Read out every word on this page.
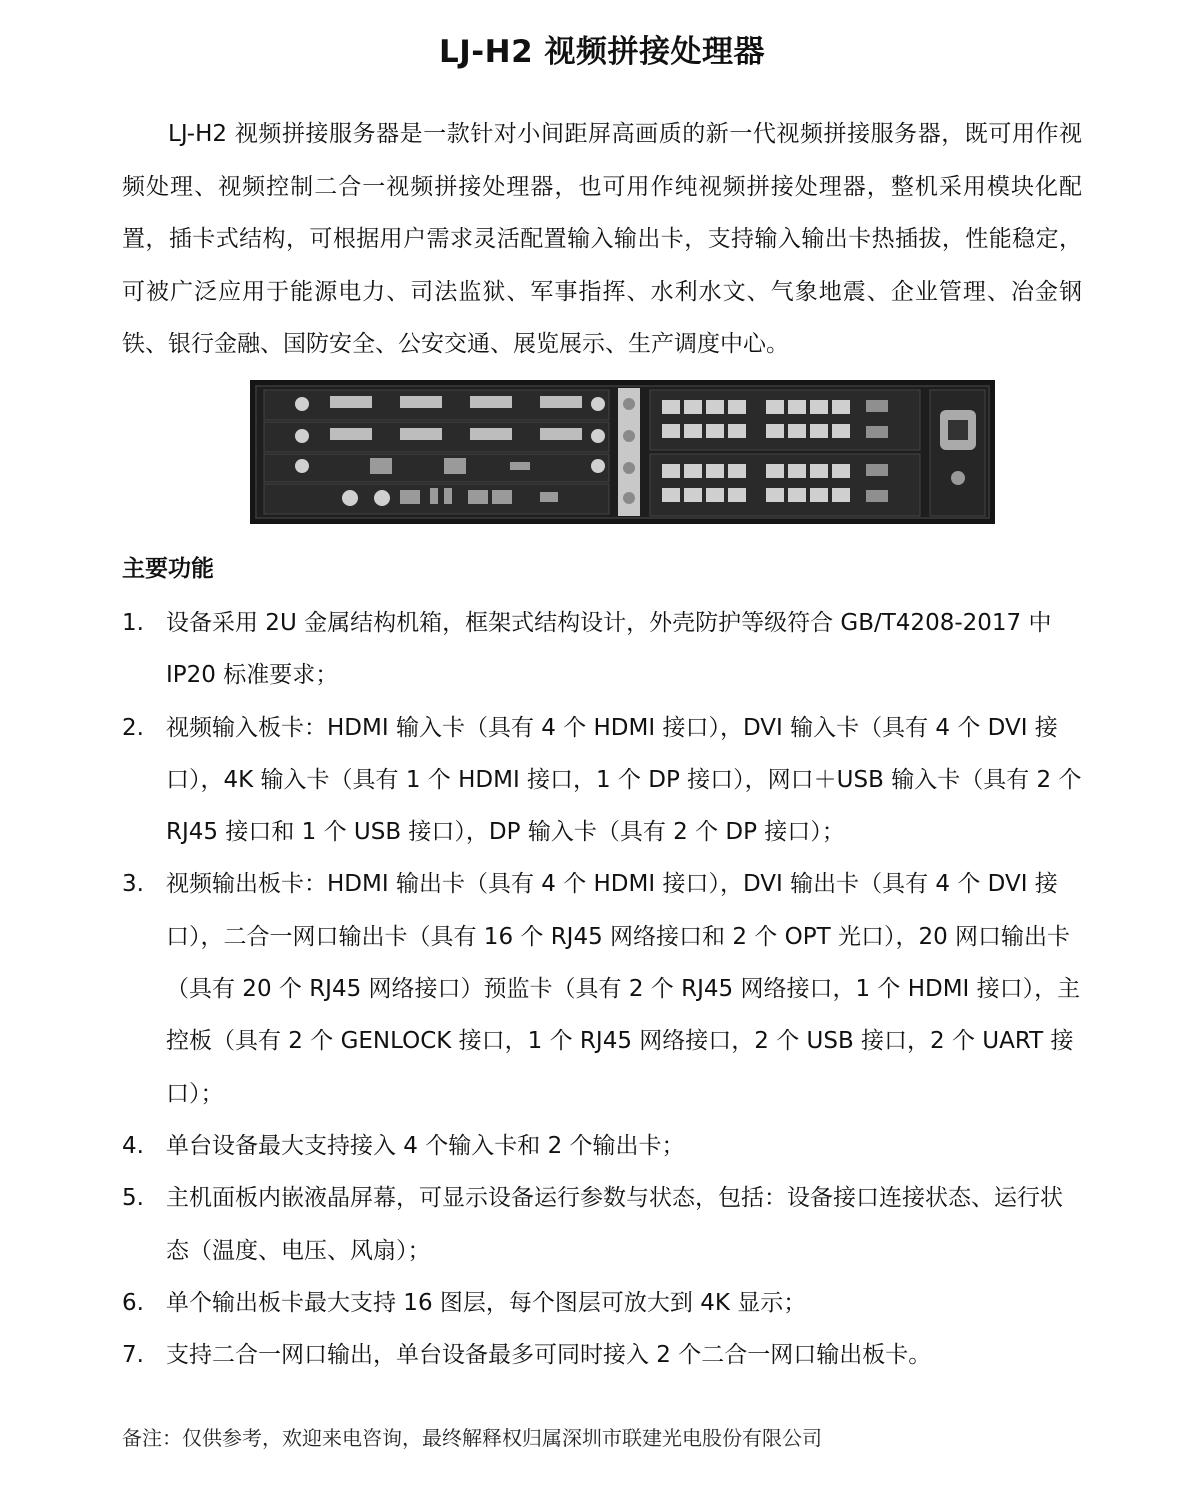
LJ-H2 视频拼接处理器

LJ-H2 视频拼接服务器是一款针对小间距屏高画质的新一代视频拼接服务器，既可用作视频处理、视频控制二合一视频拼接处理器，也可用作纯视频拼接处理器，整机采用模块化配置，插卡式结构，可根据用户需求灵活配置输入输出卡，支持输入输出卡热插拔，性能稳定，可被广泛应用于能源电力、司法监狱、军事指挥、水利水文、气象地震、企业管理、冶金钢铁、银行金融、国防安全、公安交通、展览展示、生产调度中心。

主要功能
1. 设备采用 2U 金属结构机箱，框架式结构设计，外壳防护等级符合 GB/T4208-2017 中 IP20 标准要求；
2. 视频输入板卡：HDMI 输入卡（具有 4 个 HDMI 接口），DVI 输入卡（具有 4 个 DVI 接口），4K 输入卡（具有 1 个 HDMI 接口，1 个 DP 接口），网口＋USB 输入卡（具有 2 个 RJ45 接口和 1 个 USB 接口），DP 输入卡（具有 2 个 DP 接口）；
3. 视频输出板卡：HDMI 输出卡（具有 4 个 HDMI 接口），DVI 输出卡（具有 4 个 DVI 接口），二合一网口输出卡（具有 16 个 RJ45 网络接口和 2 个 OPT 光口），20 网口输出卡（具有 20 个 RJ45 网络接口）预监卡（具有 2 个 RJ45 网络接口，1 个 HDMI 接口），主控板（具有 2 个 GENLOCK 接口，1 个 RJ45 网络接口，2 个 USB 接口，2 个 UART 接口）；
4. 单台设备最大支持接入 4 个输入卡和 2 个输出卡；
5. 主机面板内嵌液晶屏幕，可显示设备运行参数与状态，包括：设备接口连接状态、运行状态（温度、电压、风扇）；
6. 单个输出板卡最大支持 16 图层，每个图层可放大到 4K 显示；
7. 支持二合一网口输出，单台设备最多可同时接入 2 个二合一网口输出板卡。
备注：仅供参考，欢迎来电咨询，最终解释权归属深圳市联建光电股份有限公司
